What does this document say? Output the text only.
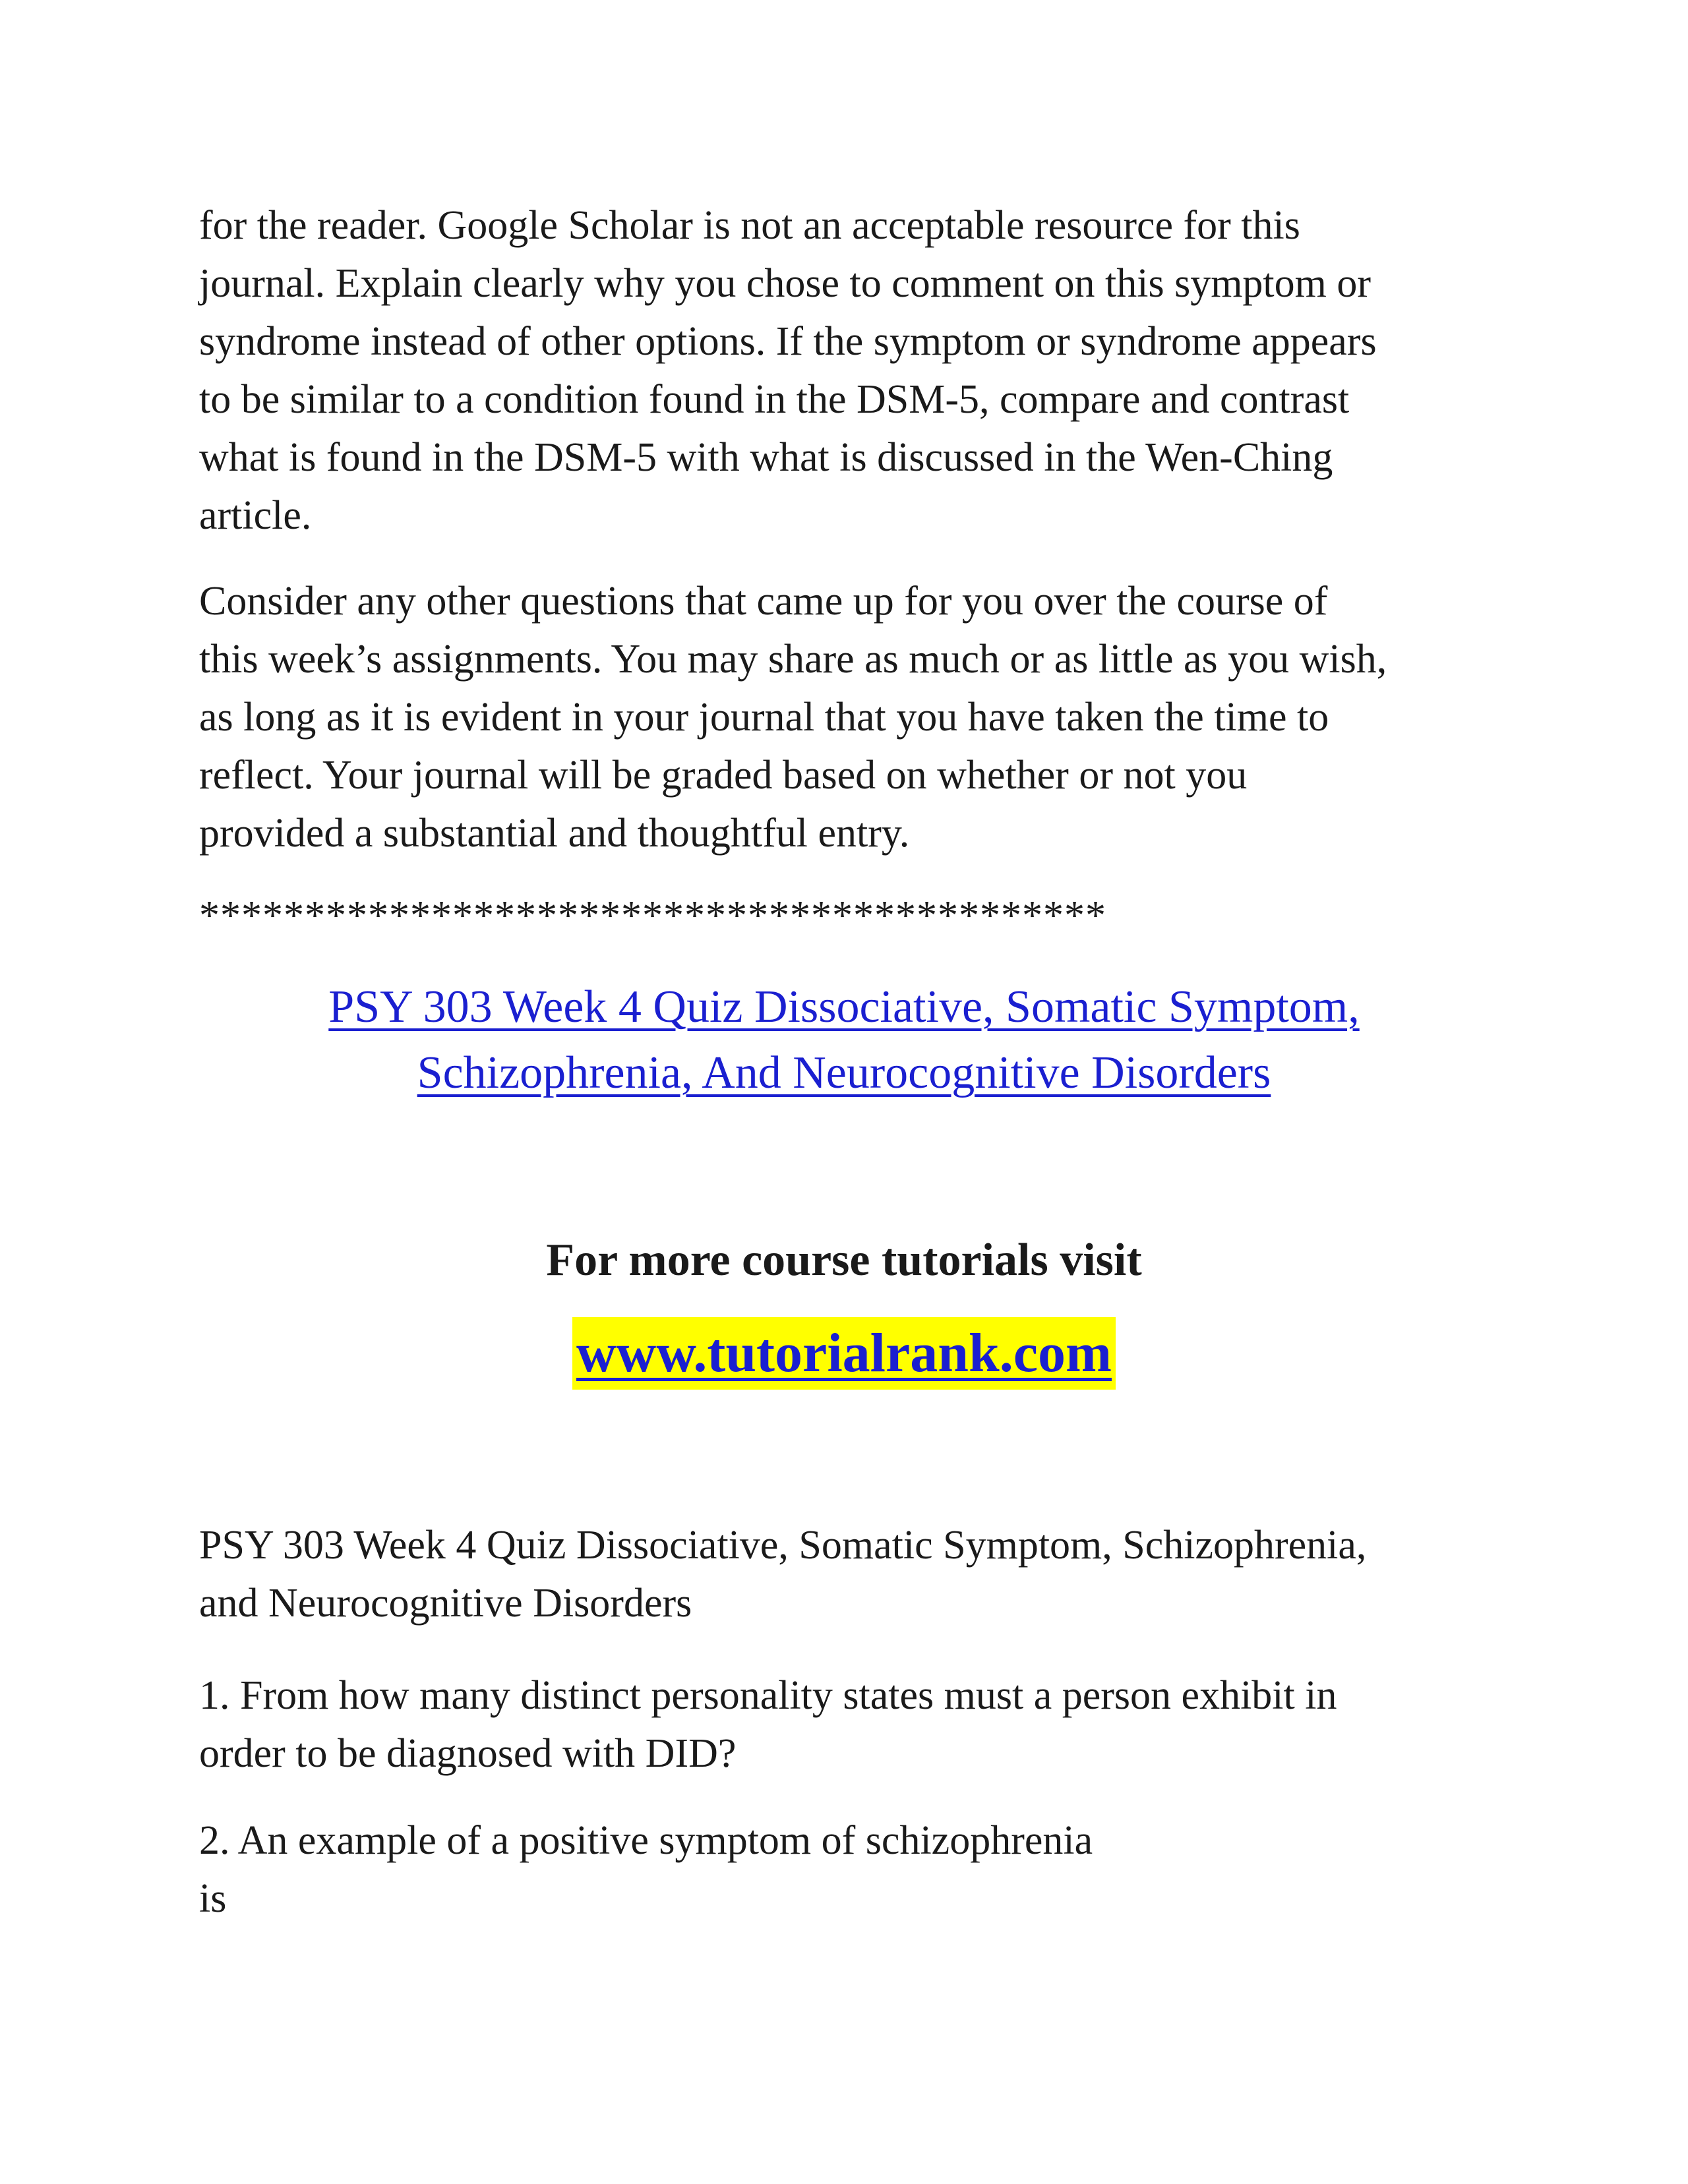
for the reader. Google Scholar is not an acceptable resource for this
journal. Explain clearly why you chose to comment on this symptom or
syndrome instead of other options. If the symptom or syndrome appears
to be similar to a condition found in the DSM-5, compare and contrast
what is found in the DSM-5 with what is discussed in the Wen-Ching
article.

Consider any other questions that came up for you over the course of
this week’s assignments. You may share as much or as little as you wish,
as long as it is evident in your journal that you have taken the time to
reflect. Your journal will be graded based on whether or not you
provided a substantial and thoughtful entry.

*******************************************

PSY 303 Week 4 Quiz Dissociative, Somatic Symptom,
Schizophrenia, And Neurocognitive Disorders

For more course tutorials visit

www.tutorialrank.com

PSY 303 Week 4 Quiz Dissociative, Somatic Symptom, Schizophrenia,
and Neurocognitive Disorders

1. From how many distinct personality states must a person exhibit in
order to be diagnosed with DID?

2. An example of a positive symptom of schizophrenia
is
